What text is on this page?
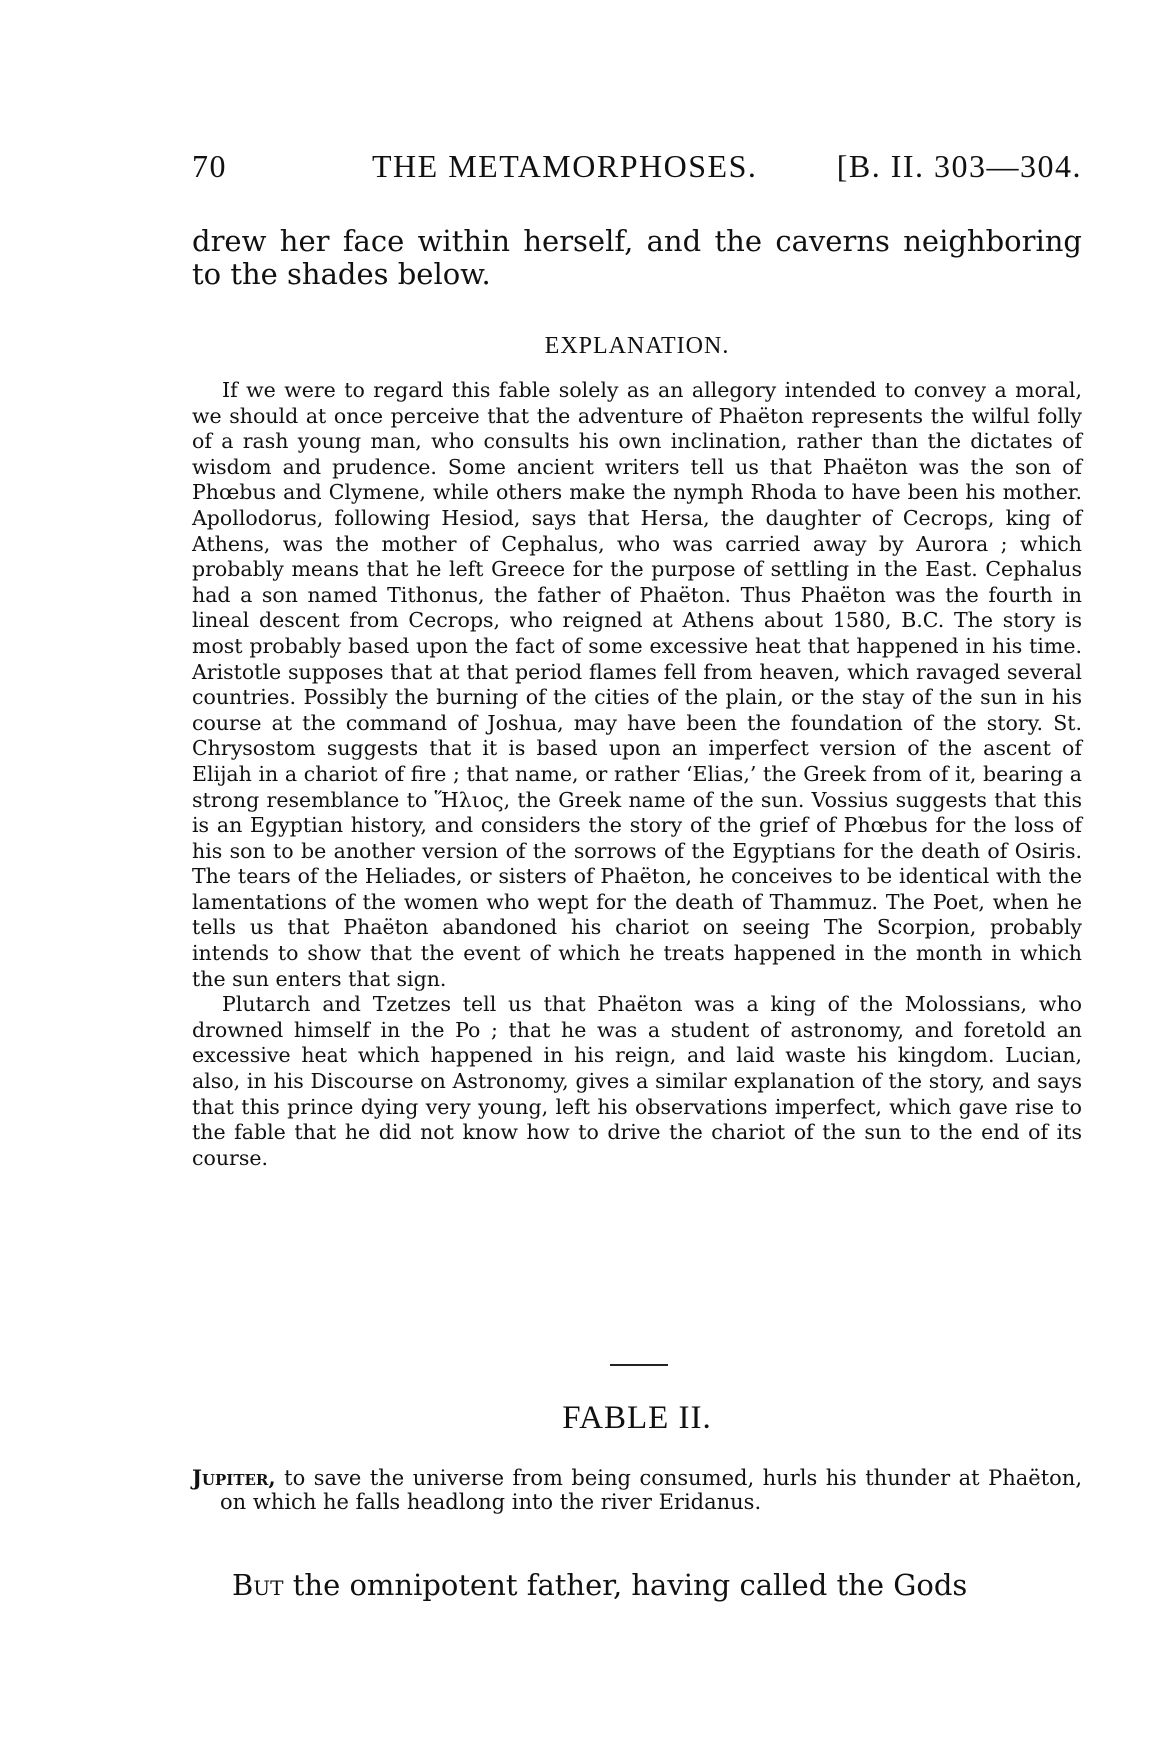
70	THE METAMORPHOSES. [B. II. 303—304.
drew her face within herself, and the caverns neighboring to the shades below.
EXPLANATION.

If we were to regard this fable solely as an allegory intended to convey a moral, we should at once perceive that the adventure of Phaëton represents the wilful folly of a rash young man, who consults his own inclination, rather than the dictates of wisdom and prudence. Some ancient writers tell us that Phaëton was the son of Phœbus and Clymene, while others make the nymph Rhoda to have been his mother. Apollodorus, following Hesiod, says that Hersa, the daughter of Cecrops, king of Athens, was the mother of Cephalus, who was carried away by Aurora ; which probably means that he left Greece for the purpose of settling in the East. Cephalus had a son named Tithonus, the father of Phaëton. Thus Phaëton was the fourth in lineal descent from Cecrops, who reigned at Athens about 1580, B.C. The story is most probably based upon the fact of some excessive heat that happened in his time. Aristotle supposes that at that period flames fell from heaven, which ravaged several countries. Possibly the burning of the cities of the plain, or the stay of the sun in his course at the command of Joshua, may have been the foundation of the story. St. Chrysostom suggests that it is based upon an imperfect version of the ascent of Elijah in a chariot of fire ; that name, or rather ‘Elias,’ the Greek from of it, bearing a strong resemblance to Ἥλιος, the Greek name of the sun. Vossius suggests that this is an Egyptian history, and considers the story of the grief of Phœbus for the loss of his son to be another version of the sorrows of the Egyptians for the death of Osiris. The tears of the Heliades, or sisters of Phaëton, he conceives to be identical with the lamentations of the women who wept for the death of Thammuz. The Poet, when he tells us that Phaëton abandoned his chariot on seeing The Scorpion, probably intends to show that the event of which he treats happened in the month in which the sun enters that sign.

Plutarch and Tzetzes tell us that Phaëton was a king of the Molossians, who drowned himself in the Po ; that he was a student of astronomy, and foretold an excessive heat which happened in his reign, and laid waste his kingdom. Lucian, also, in his Discourse on Astronomy, gives a similar explanation of the story, and says that this prince dying very young, left his observations imperfect, which gave rise to the fable that he did not know how to drive the chariot of the sun to the end of its course.

FABLE II.
Jupiter, to save the universe from being consumed, hurls his thunder at Phaëton, on which he falls headlong into the river Eridanus.
But the omnipotent father, having called the Gods
